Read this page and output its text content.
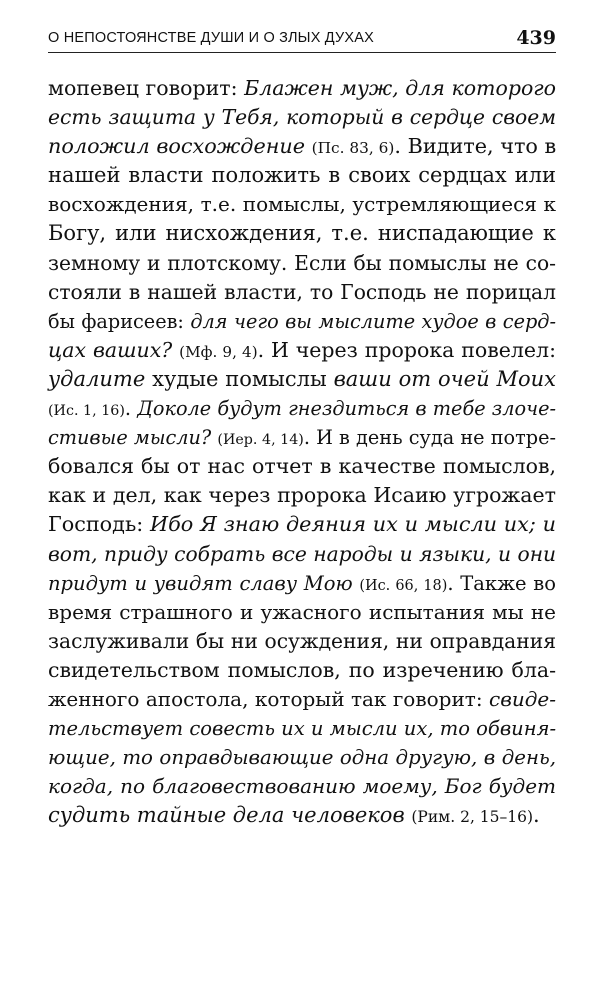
О НЕПОСТОЯНСТВЕ ДУШИ И О ЗЛЫХ ДУХАХ	439
мопевец говорит: Блажен муж, для которого
есть защита у Тебя, который в сердце своем
положил восхождение (Пс. 83, 6). Видите, что в
нашей власти положить в своих сердцах или
восхождения, т.е. помыслы, устремляющиеся к
Богу, или нисхождения, т.е. ниспадающие к
земному и плотскому. Если бы помыслы не со-
стояли в нашей власти, то Господь не порицал
бы фарисеев: для чего вы мыслите худое в серд-
цах ваших? (Мф. 9, 4). И через пророка повелел:
удалите худые помыслы ваши от очей Моих
(Ис. 1, 16). Доколе будут гнездиться в тебе злоче-
стивые мысли? (Иер. 4, 14). И в день суда не потре-
бовался бы от нас отчет в качестве помыслов,
как и дел, как через пророка Исаию угрожает
Господь: Ибо Я знаю деяния их и мысли их; и
вот, приду собрать все народы и языки, и они
придут и увидят славу Мою (Ис. 66, 18). Также во
время страшного и ужасного испытания мы не
заслуживали бы ни осуждения, ни оправдания
свидетельством помыслов, по изречению бла-
женного апостола, который так говорит: свиде-
тельствует совесть их и мысли их, то обвиня-
ющие, то оправдывающие одна другую, в день,
когда, по благовествованию моему, Бог будет
судить тайные дела человеков (Рим. 2, 15–16).
